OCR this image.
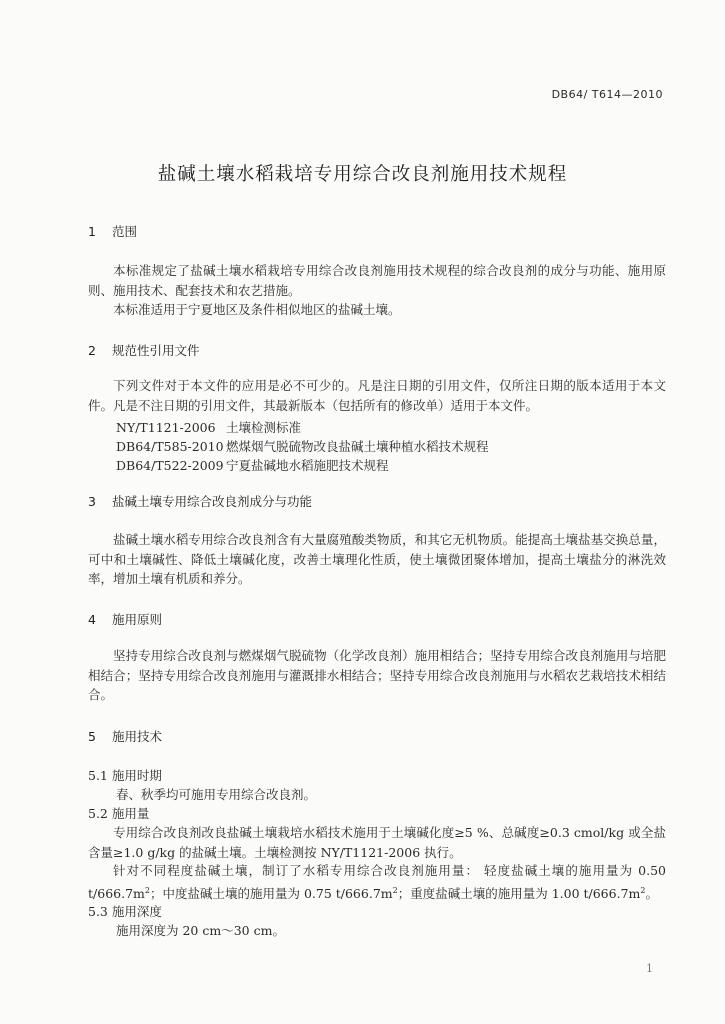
DB64/ T614—2010
盐碱土壤水稻栽培专用综合改良剂施用技术规程
1 范围
本标准规定了盐碱土壤水稻栽培专用综合改良剂施用技术规程的综合改良剂的成分与功能、施用原则、施用技术、配套技术和农艺措施。
本标准适用于宁夏地区及条件相似地区的盐碱土壤。
2 规范性引用文件
下列文件对于本文件的应用是必不可少的。凡是注日期的引用文件，仅所注日期的版本适用于本文件。凡是不注日期的引用文件，其最新版本（包括所有的修改单）适用于本文件。
NY/T1121-2006 土壤检测标准
DB64/T585-2010 燃煤烟气脱硫物改良盐碱土壤种植水稻技术规程
DB64/T522-2009 宁夏盐碱地水稻施肥技术规程
3 盐碱土壤专用综合改良剂成分与功能
盐碱土壤水稻专用综合改良剂含有大量腐殖酸类物质，和其它无机物质。能提高土壤盐基交换总量，可中和土壤碱性、降低土壤碱化度，改善土壤理化性质，使土壤微团聚体增加，提高土壤盐分的淋洗效率，增加土壤有机质和养分。
4 施用原则
坚持专用综合改良剂与燃煤烟气脱硫物（化学改良剂）施用相结合；坚持专用综合改良剂施用与培肥相结合；坚持专用综合改良剂施用与灌溉排水相结合；坚持专用综合改良剂施用与水稻农艺栽培技术相结合。
5 施用技术
5.1 施用时期
春、秋季均可施用专用综合改良剂。
5.2 施用量
专用综合改良剂改良盐碱土壤栽培水稻技术施用于土壤碱化度≥5 %、总碱度≥0.3 cmol/kg 或全盐含量≥1.0 g/kg 的盐碱土壤。土壤检测按 NY/T1121-2006 执行。
针对不同程度盐碱土壤，制订了水稻专用综合改良剂施用量： 轻度盐碱土壤的施用量为 0.50 $t/666.7m^2$；中度盐碱土壤的施用量为 0.75 $t/666.7m^2$；重度盐碱土壤的施用量为 1.00 $t/666.7m^2$。
5.3 施用深度
施用深度为 20 cm～30 cm。
1
